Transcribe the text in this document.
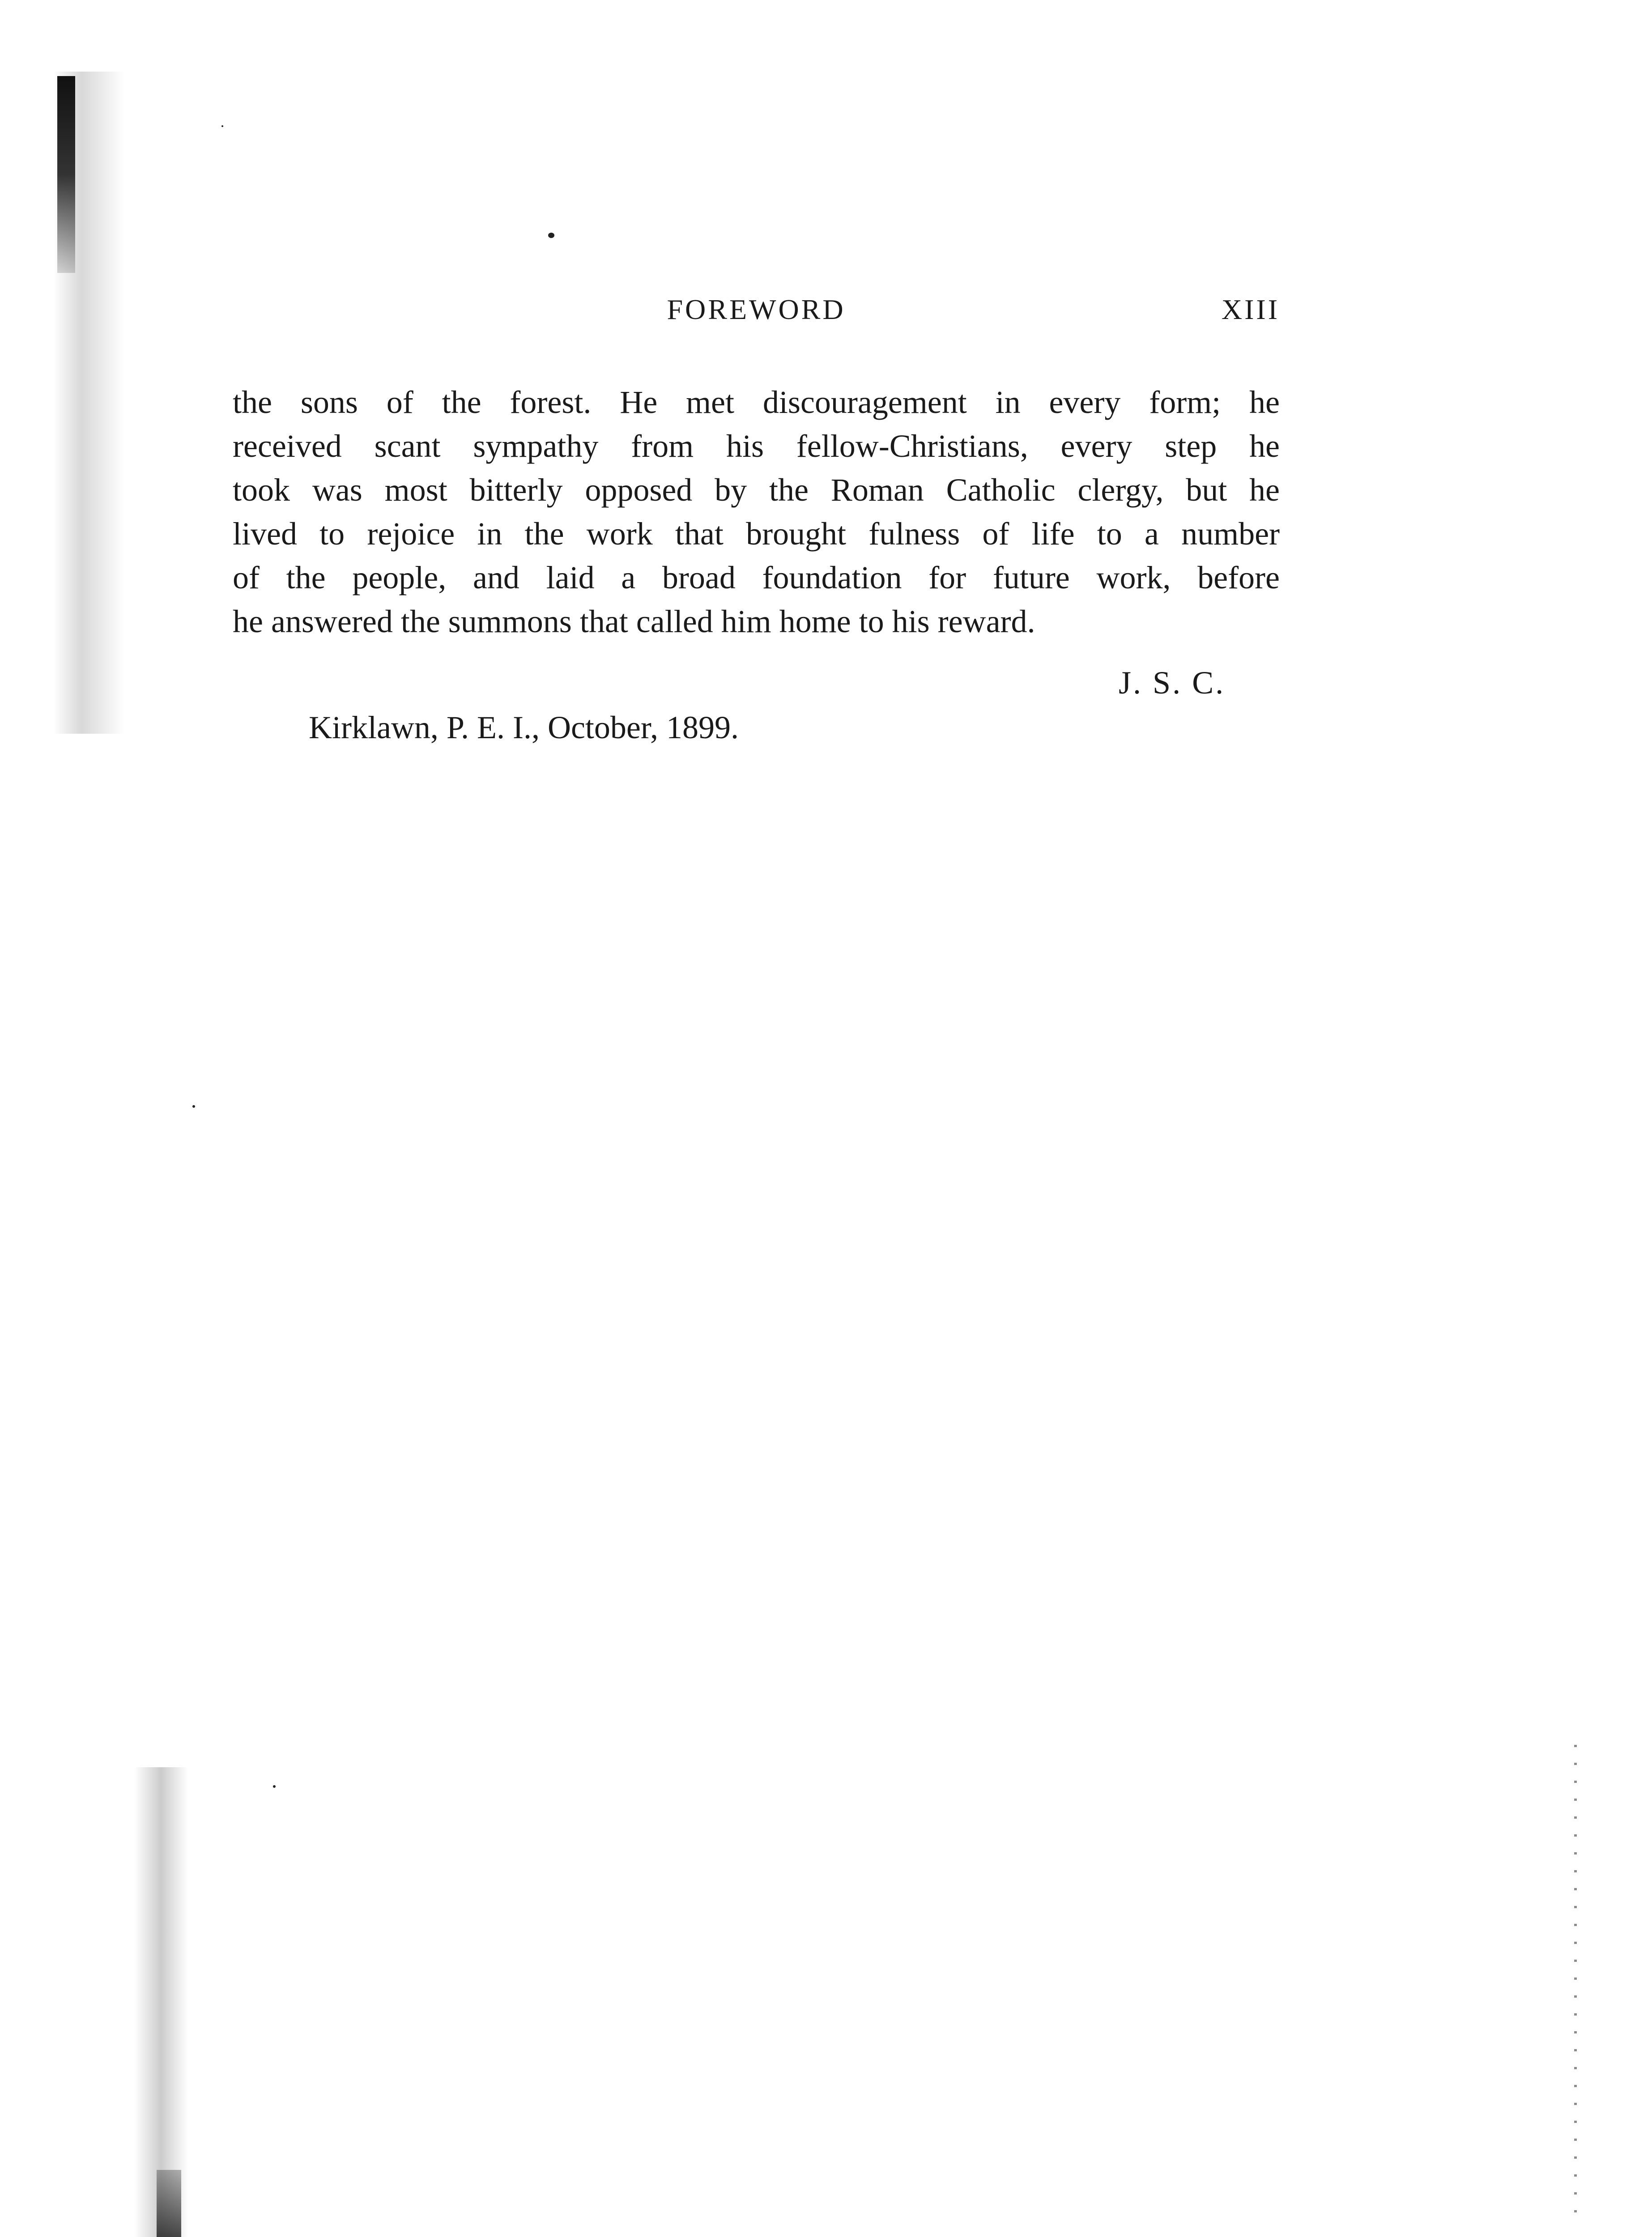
FOREWORD	XIII
the sons of the forest. He met discouragement in every form; he
received scant sympathy from his fellow-Christians, every step he
took was most bitterly opposed by the Roman Catholic clergy, but he
lived to rejoice in the work that brought fulness of life to a number
of the people, and laid a broad foundation for future work, before
he answered the summons that called him home to his reward.
J. S. C.
Kirklawn, P. E. I., October, 1899.
